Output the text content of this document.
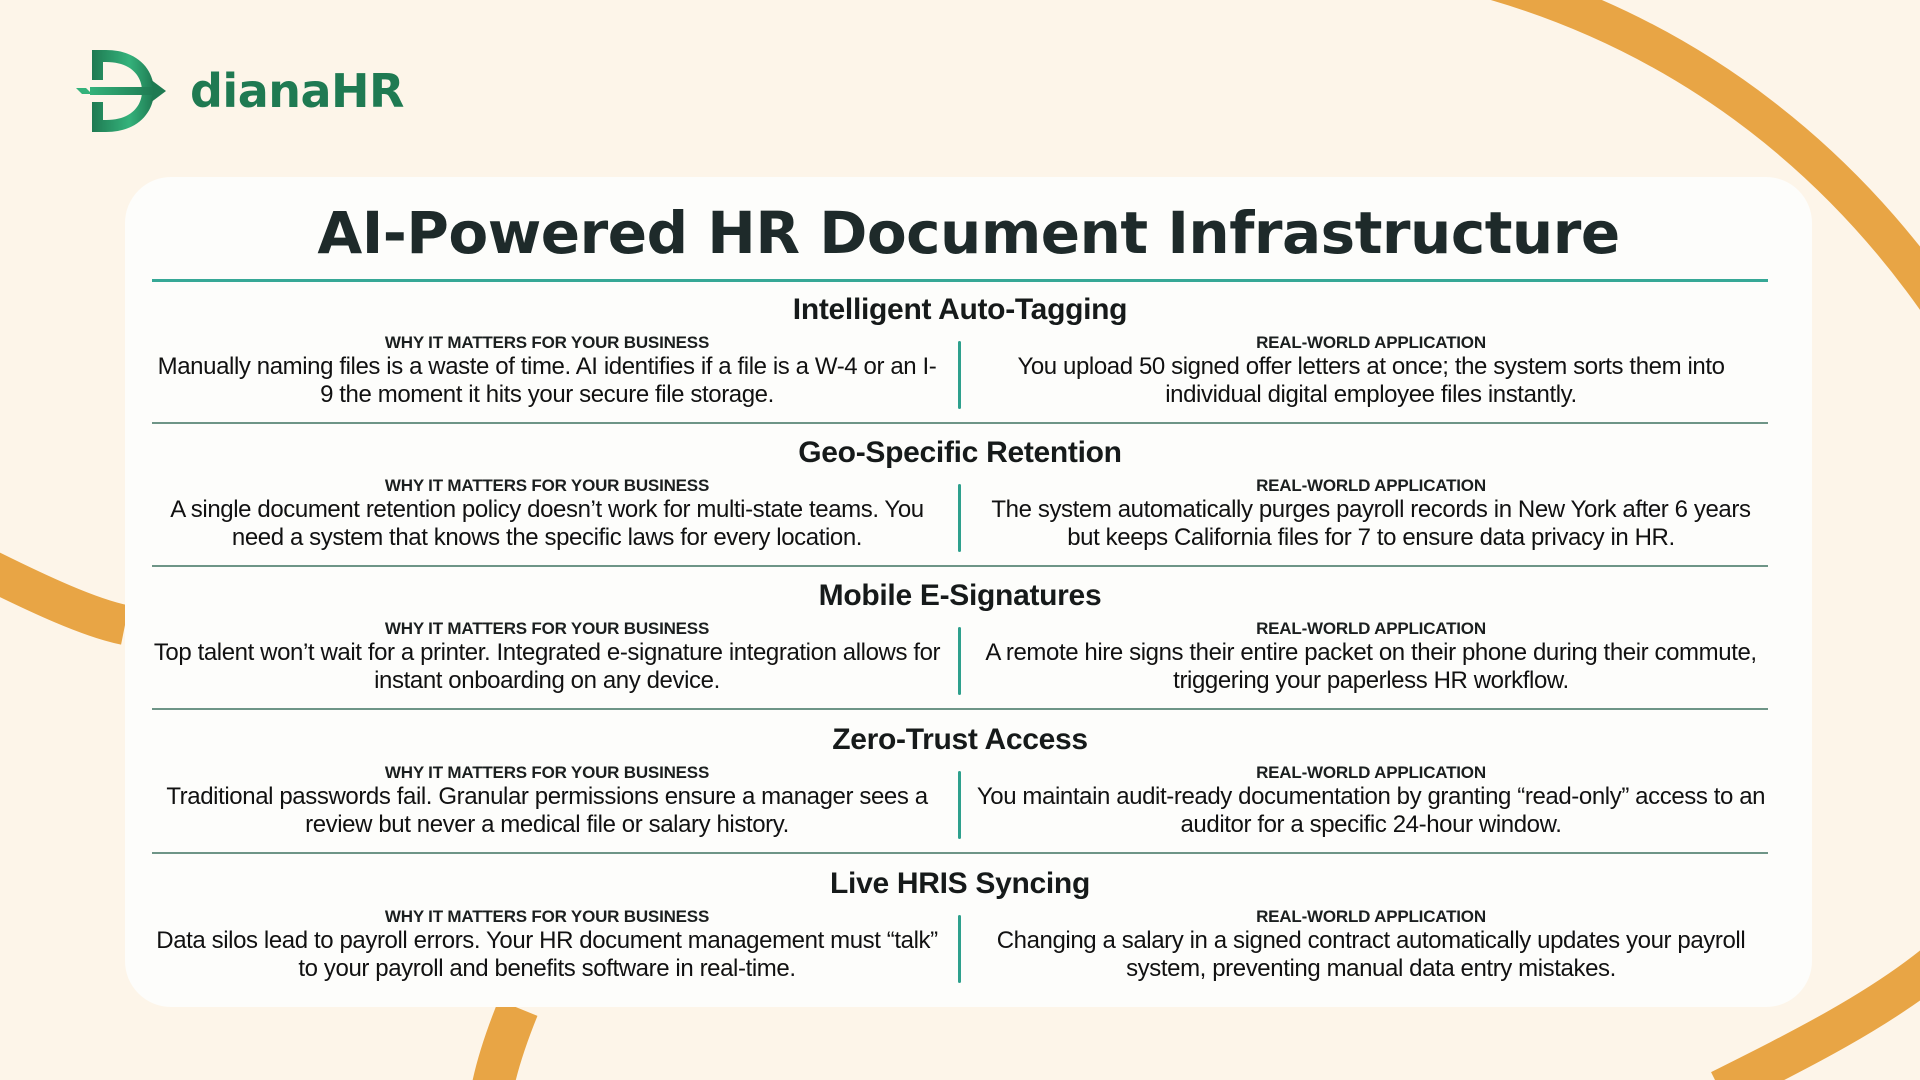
dianaHR
AI-Powered HR Document Infrastructure
Intelligent Auto-Tagging
WHY IT MATTERS FOR YOUR BUSINESS
Manually naming files is a waste of time. AI identifies if a file is a W-4 or an I-9 the moment it hits your secure file storage.
REAL-WORLD APPLICATION
You upload 50 signed offer letters at once; the system sorts them into individual digital employee files instantly.
Geo-Specific Retention
WHY IT MATTERS FOR YOUR BUSINESS
A single document retention policy doesn’t work for multi-state teams. You need a system that knows the specific laws for every location.
REAL-WORLD APPLICATION
The system automatically purges payroll records in New York after 6 years but keeps California files for 7 to ensure data privacy in HR.
Mobile E-Signatures
WHY IT MATTERS FOR YOUR BUSINESS
Top talent won’t wait for a printer. Integrated e-signature integration allows for instant onboarding on any device.
REAL-WORLD APPLICATION
A remote hire signs their entire packet on their phone during their commute, triggering your paperless HR workflow.
Zero-Trust Access
WHY IT MATTERS FOR YOUR BUSINESS
Traditional passwords fail. Granular permissions ensure a manager sees a review but never a medical file or salary history.
REAL-WORLD APPLICATION
You maintain audit-ready documentation by granting “read-only” access to an auditor for a specific 24-hour window.
Live HRIS Syncing
WHY IT MATTERS FOR YOUR BUSINESS
Data silos lead to payroll errors. Your HR document management must “talk” to your payroll and benefits software in real-time.
REAL-WORLD APPLICATION
Changing a salary in a signed contract automatically updates your payroll system, preventing manual data entry mistakes.
